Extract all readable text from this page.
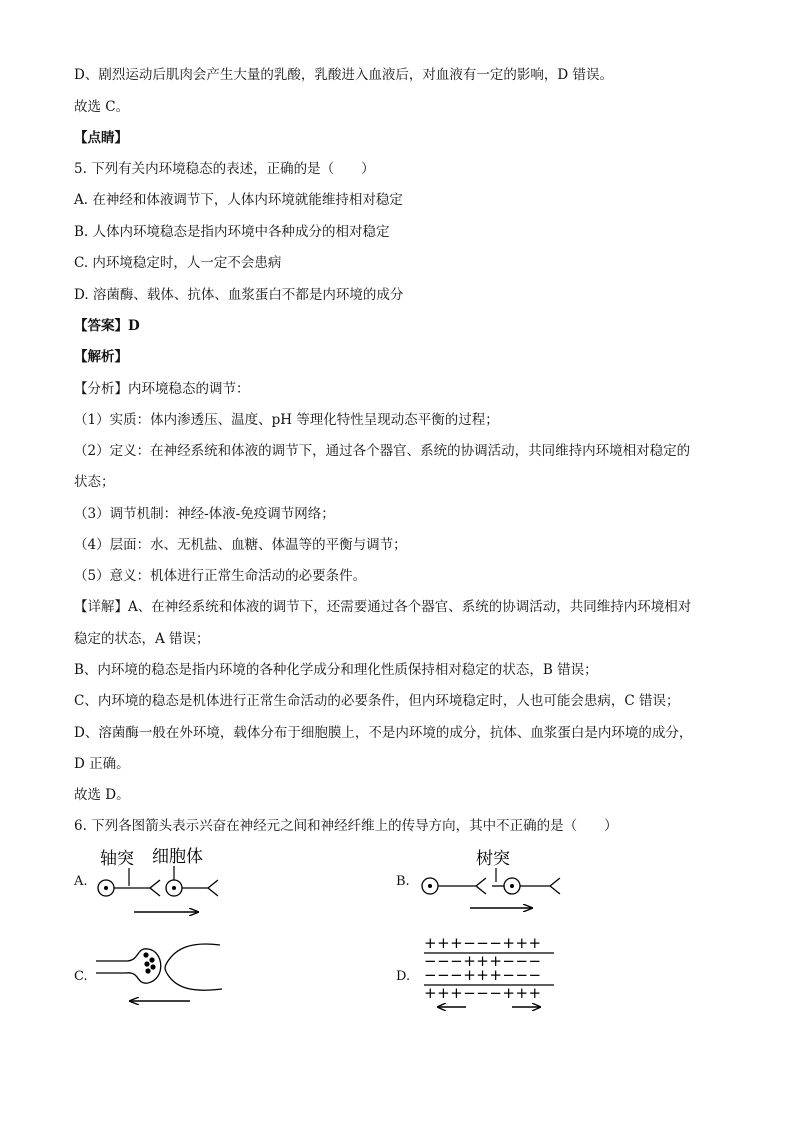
D、剧烈运动后肌肉会产生大量的乳酸，乳酸进入血液后，对血液有一定的影响，D 错误。
故选 C。
【点睛】
5. 下列有关内环境稳态的表述，正确的是（　　）
A. 在神经和体液调节下，人体内环境就能维持相对稳定
B. 人体内环境稳态是指内环境中各种成分的相对稳定
C. 内环境稳定时，人一定不会患病
D. 溶菌酶、载体、抗体、血浆蛋白不都是内环境的成分
【答案】D
【解析】
【分析】内环境稳态的调节：
（1）实质：体内渗透压、温度、pH 等理化特性呈现动态平衡的过程；
（2）定义：在神经系统和体液的调节下，通过各个器官、系统的协调活动，共同维持内环境相对稳定的
状态；
（3）调节机制：神经-体液-免疫调节网络；
（4）层面：水、无机盐、血糖、体温等的平衡与调节；
（5）意义：机体进行正常生命活动的必要条件。
【详解】A、在神经系统和体液的调节下，还需要通过各个器官、系统的协调活动，共同维持内环境相对
稳定的状态，A 错误；
B、内环境的稳态是指内环境的各种化学成分和理化性质保持相对稳定的状态，B 错误；
C、内环境的稳态是机体进行正常生命活动的必要条件，但内环境稳定时，人也可能会患病，C 错误；
D、溶菌酶一般在外环境，载体分布于细胞膜上，不是内环境的成分，抗体、血浆蛋白是内环境的成分，
D 正确。
故选 D。
6. 下列各图箭头表示兴奋在神经元之间和神经纤维上的传导方向，其中不正确的是（　　）
A.	B.
C.	D.
轴突 细胞体	树突
+++−−−+++
−−−+++−−−
−−−+++−−−
+++−−−+++
